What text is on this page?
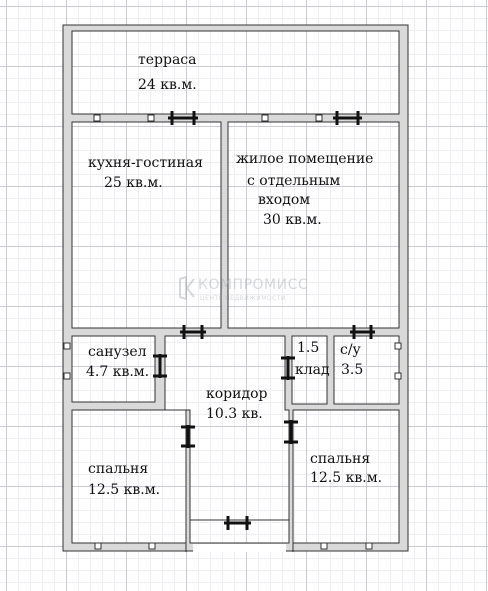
КОМПРОМИСС
ЦЕНТР НЕДВИЖИМОСТИ
терраса
24 кв.м.
кухня-гостиная
25 кв.м.
жилое помещение
с отдельным
входом
30 кв.м.
санузел
4.7 кв.м.
коридор
10.3 кв.
1.5
клад
с/у
3.5
спальня
12.5 кв.м.
спальня
12.5 кв.м.
